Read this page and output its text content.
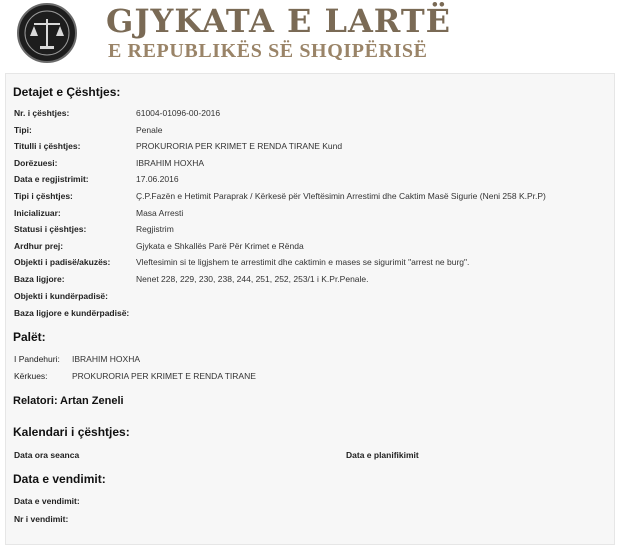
GJYKATA E LARTË
E REPUBLIKËS SË SHQIPËRISË
Detajet e Çështjes:
Nr. i çështjes:	61004-01096-00-2016
Tipi:	Penale
Titulli i çështjes:	PROKURORIA PER KRIMET E RENDA TIRANE Kund
Dorëzuesi:	IBRAHIM HOXHA
Data e regjistrimit:	17.06.2016
Tipi i çështjes:	Ç.P.Fazën e Hetimit Paraprak / Kërkesë për Vleftësimin Arrestimi dhe Caktim Masë Sigurie (Neni 258 K.Pr.P)
Inicializuar:	Masa Arresti
Statusi i çështjes:	Regjistrim
Ardhur prej:	Gjykata e Shkallës Parë Për Krimet e Rënda
Objekti i padisë/akuzës:	Vleftesimin si te ligjshem te arrestimit dhe caktimin e mases se sigurimit "arrest ne burg".
Baza ligjore:	Nenet 228, 229, 230, 238, 244, 251, 252, 253/1 i K.Pr.Penale.
Objekti i kundërpadisë:
Baza ligjore e kundërpadisë:
Palët:
I Pandehuri: IBRAHIM HOXHA
Kërkues:	PROKURORIA PER KRIMET E RENDA TIRANE
Relatori: Artan Zeneli
Kalendari i çështjes:
Data ora seanca	Data e planifikimit
Data e vendimit:
Data e vendimit:
Nr i vendimit:
